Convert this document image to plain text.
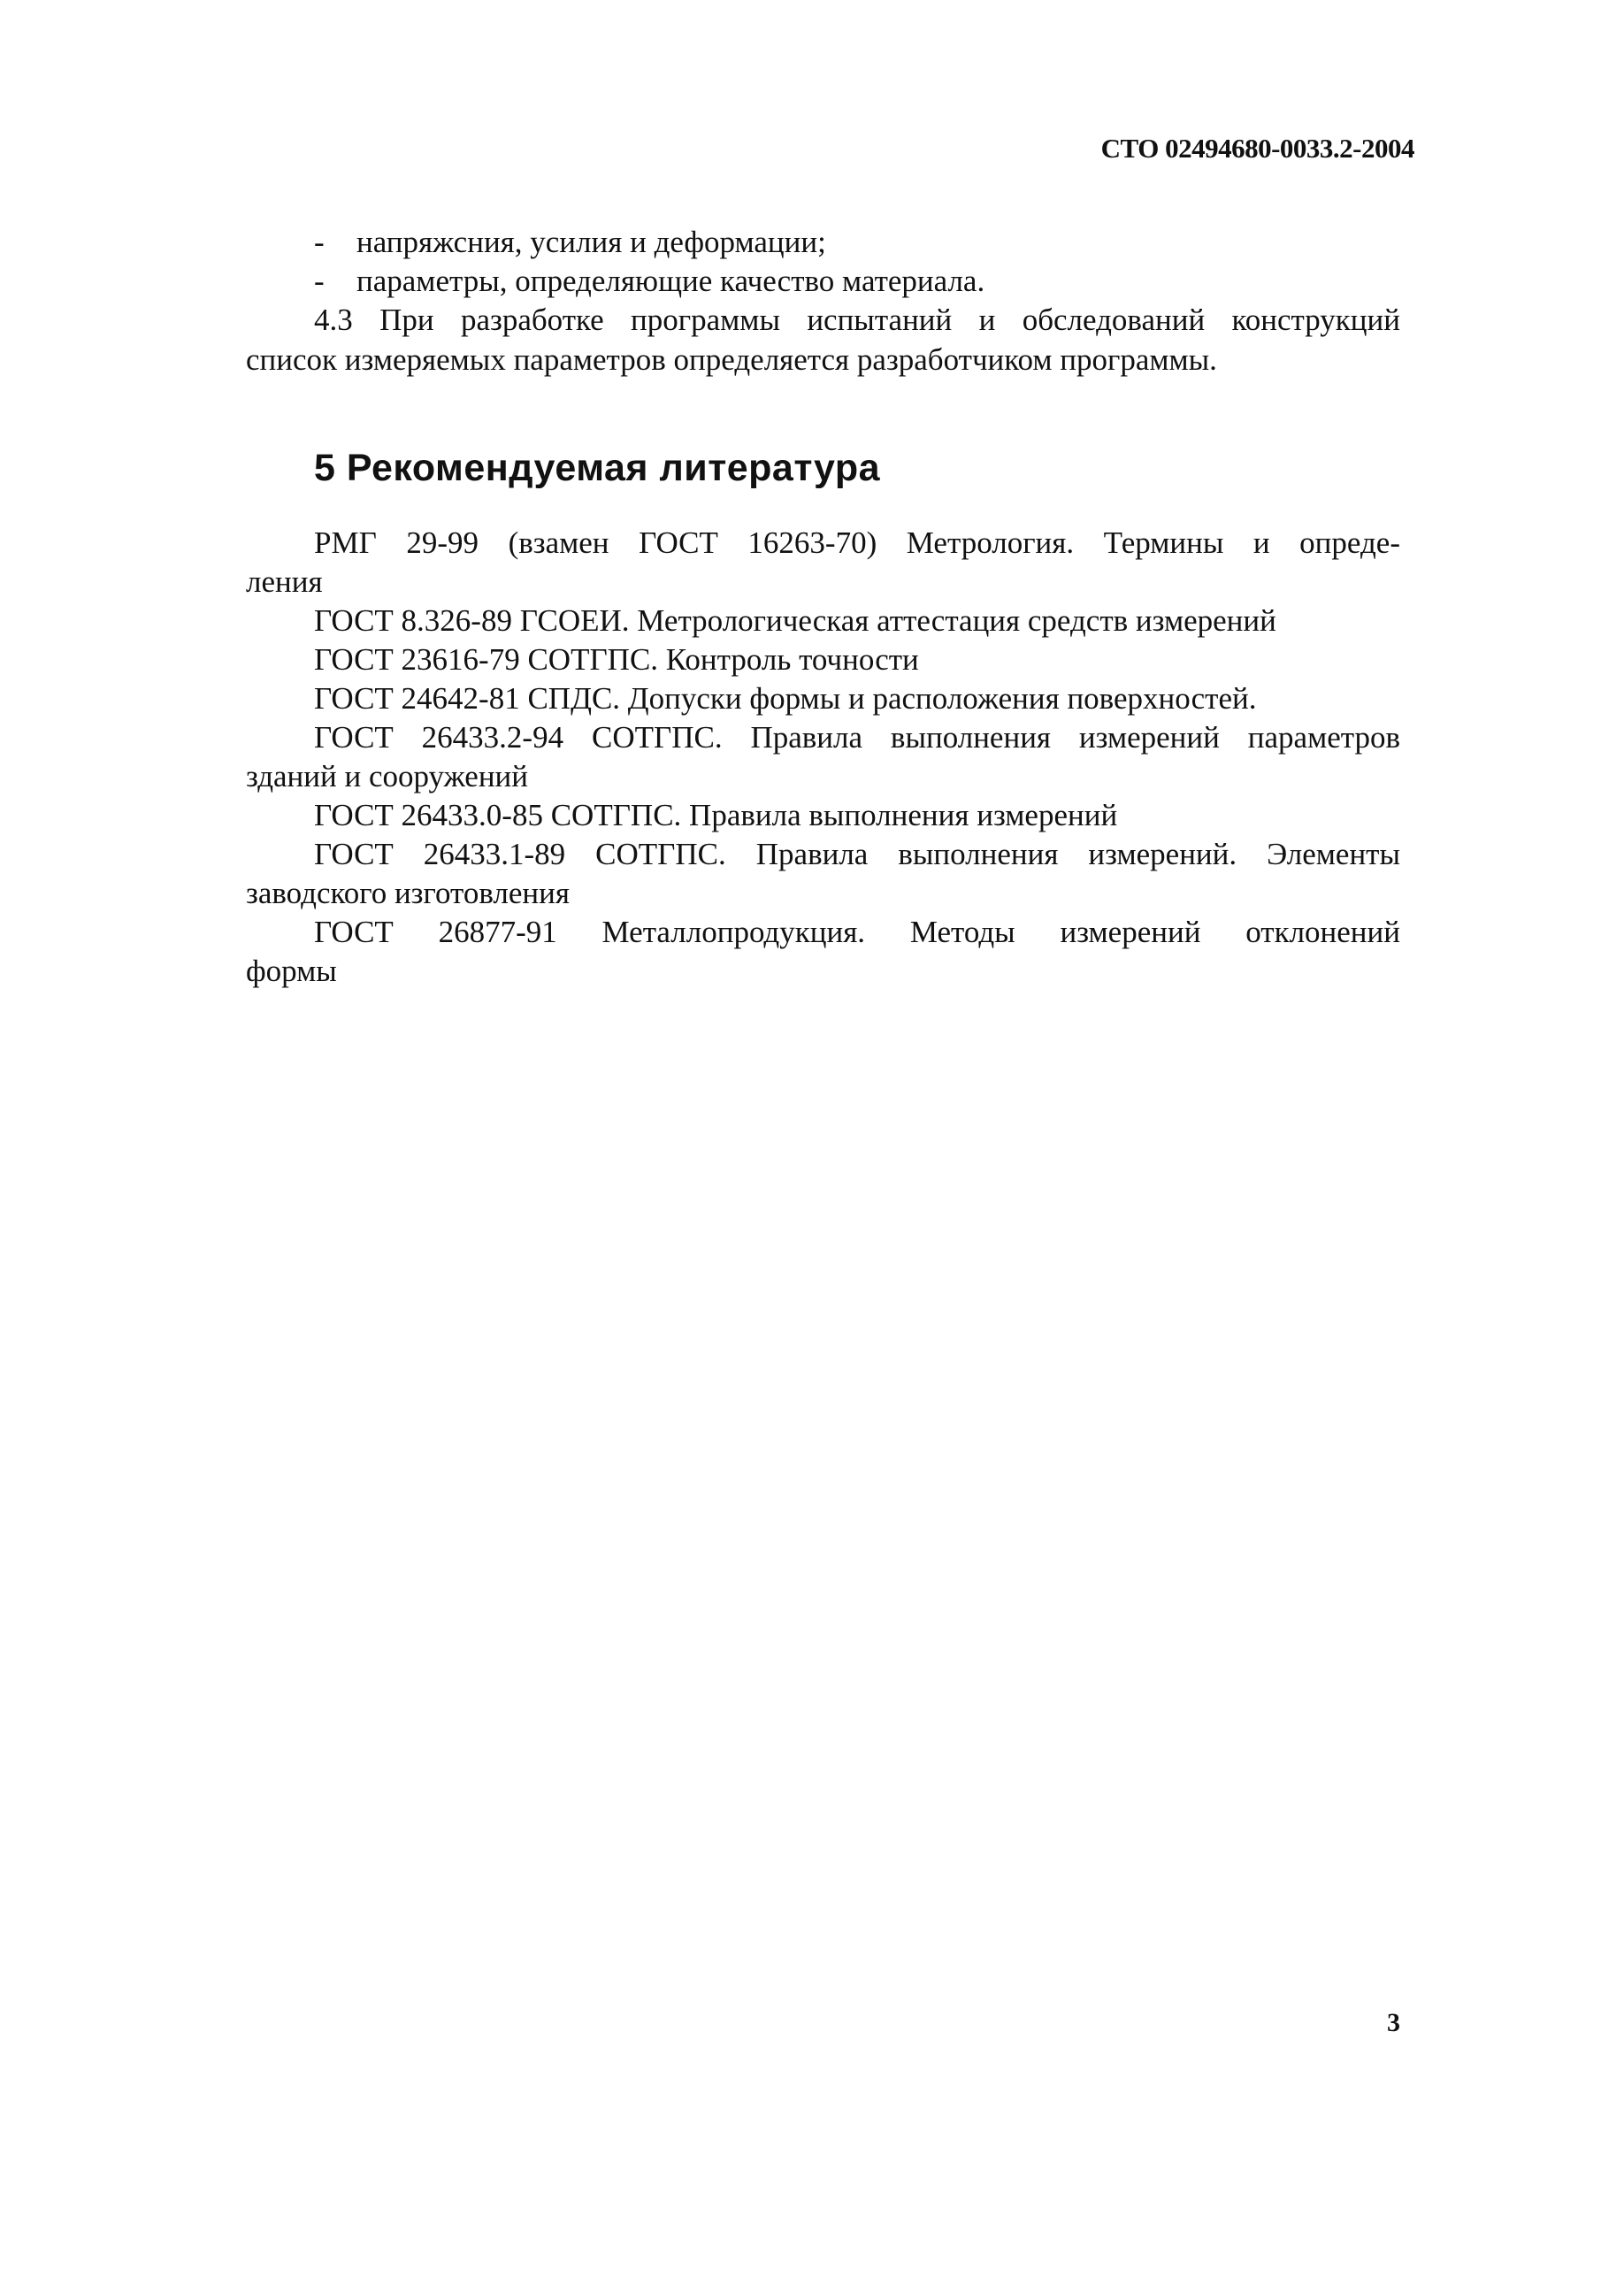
СТО 02494680-0033.2-2004
- напряжсния, усилия и деформации;
- параметры, определяющие качество материала.
4.3 При разработке программы испытаний и обследований конструкций
список измеряемых параметров определяется разработчиком программы.
5 Рекомендуемая литература
РМГ 29-99 (взамен ГОСТ 16263-70) Метрология. Термины и опреде-
ления
ГОСТ 8.326-89 ГСОЕИ. Метрологическая аттестация средств измерений
ГОСТ 23616-79 СОТГПС. Контроль точности
ГОСТ 24642-81 СПДС. Допуски формы и расположения поверхностей.
ГОСТ 26433.2-94 СОТГПС. Правила выполнения измерений параметров
зданий и сооружений
ГОСТ 26433.0-85 СОТГПС. Правила выполнения измерений
ГОСТ 26433.1-89 СОТГПС. Правила выполнения измерений. Элементы
заводского изготовления
ГОСТ 26877-91 Металлопродукция. Методы измерений отклонений
формы
3
